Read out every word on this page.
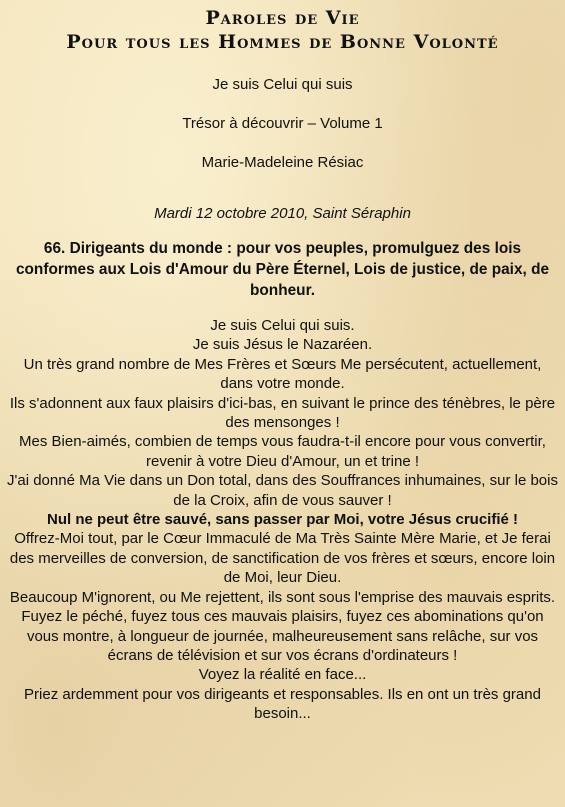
Paroles de Vie
Pour tous les Hommes de Bonne Volonté

Je suis Celui qui suis

Trésor à découvrir – Volume 1

Marie-Madeleine Résiac

Mardi 12 octobre 2010, Saint Séraphin
66. Dirigeants du monde : pour vos peuples, promulguez des lois conformes aux Lois d'Amour du Père Éternel, Lois de justice, de paix, de bonheur.

Je suis Celui qui suis.

Je suis Jésus le Nazaréen.

Un très grand nombre de Mes Frères et Sœurs Me persécutent, actuellement, dans votre monde.

Ils s'adonnent aux faux plaisirs d'ici-bas, en suivant le prince des ténèbres, le père des mensonges !

Mes Bien-aimés, combien de temps vous faudra-t-il encore pour vous convertir, revenir à votre Dieu d'Amour, un et trine !

J'ai donné Ma Vie dans un Don total, dans des Souffrances inhumaines, sur le bois de la Croix, afin de vous sauver !

Nul ne peut être sauvé, sans passer par Moi, votre Jésus crucifié !

Offrez-Moi tout, par le Cœur Immaculé de Ma Très Sainte Mère Marie, et Je ferai des merveilles de conversion, de sanctification de vos frères et sœurs, encore loin de Moi, leur Dieu.

Beaucoup M'ignorent, ou Me rejettent, ils sont sous l'emprise des mauvais esprits.

Fuyez le péché, fuyez tous ces mauvais plaisirs, fuyez ces abominations qu'on vous montre, à longueur de journée, malheureusement sans relâche, sur vos écrans de télévision et sur vos écrans d'ordinateurs !

Voyez la réalité en face...

Priez ardemment pour vos dirigeants et responsables. Ils en ont un très grand besoin...
